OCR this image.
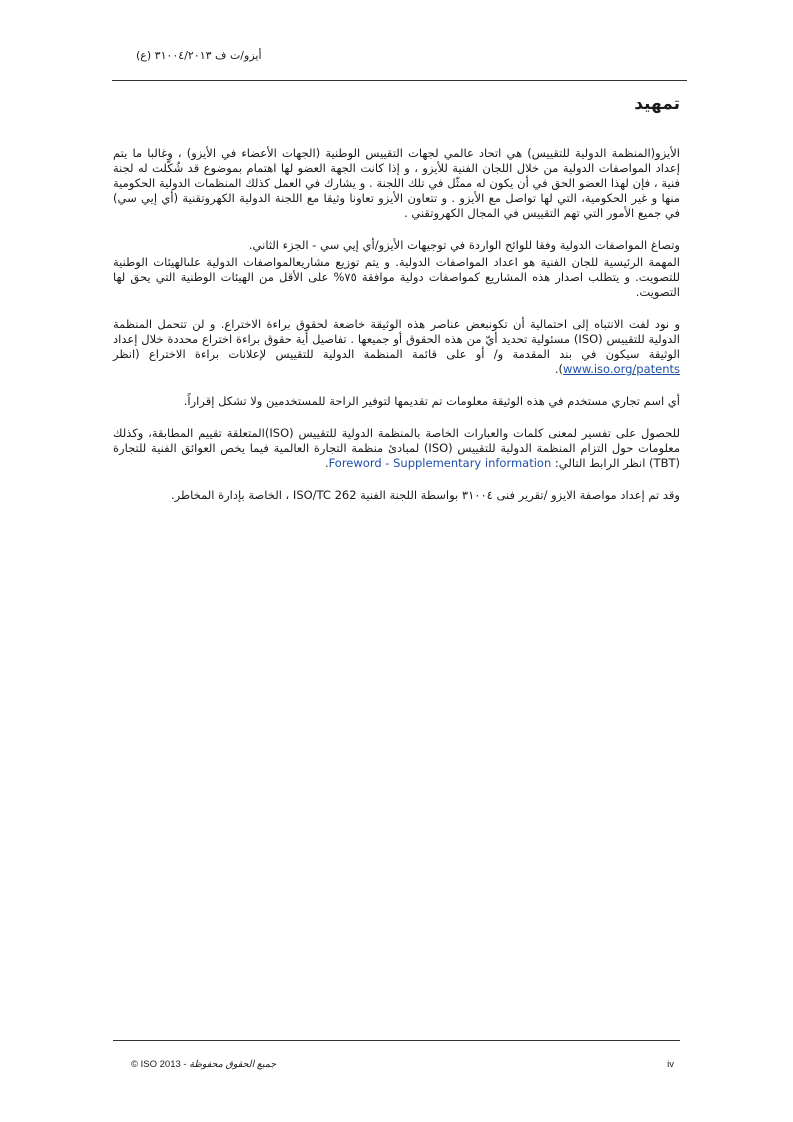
أيزو/ت ف ٣١٠٠٤/٢٠١٣ (ع)
تمهيد

الأيزو(المنظمة الدولية للتقييس) هي اتحاد عالمي لجهات التقييس الوطنية (الجهات الأعضاء في الأيزو) ، وغالبا ما يتم إعداد المواصفات الدولية من خلال اللجان الفنية للأيزو ، و إذا كانت الجهة العضو لها اهتمام بموضوع قد شُكّلت له لجنة فنية ، فإن لهذا العضو الحق في أن يكون له ممثّل في تلك اللجنة . و يشارك في العمل كذلك المنظمات الدولية الحكومية منها و غير الحكومية، التي لها تواصل مع الأيزو . و تتعاون الأيزو تعاونا وثيقا مع اللجنة الدولية الكهروتقنية (أي إيي سي) في جميع الأمور التي تهم التقييس في المجال الكهروتقني .

وتصاغ المواصفات الدولية وفقا للوائح الواردة في توجيهات الأيزو/أي إيي سي - الجزء الثاني.

المهمة الرئيسية للجان الفنية هو اعداد المواصفات الدولية. و يتم توزيع مشاريعالمواصفات الدولية علىالهيئات الوطنية للتصويت. و يتطلب اصدار هذه المشاريع كمواصفات دولية موافقة ٧٥% على الأقل من الهيئات الوطنية التي يحق لها التصويت.

و نود لفت الانتباه إلى احتمالية أن تكونبعض عناصر هذه الوثيقة خاضعة لحقوق براءة الاختراع. و لن تتحمل المنظمة الدولية للتقييس (ISO) مسئولية تحديد أيّ من هذه الحقوق أو جميعها . تفاصيل أية حقوق براءة اختراع محددة خلال إعداد الوثيقة سيكون في بند المقدمة و/ أو على قائمة المنظمة الدولية للتقييس لإعلانات براءة الاختراع (انظر www.iso.org/patents).

أي اسم تجاري مستخدم في هذه الوثيقة معلومات تم تقديمها لتوفير الراحة للمستخدمين ولا تشكل إقراراً.

للحصول على تفسير لمعنى كلمات والعبارات الخاصة بالمنظمة الدولية للتقييس (ISO)المتعلقة تقييم المطابقة، وكذلك معلومات حول التزام المنظمة الدولية للتقييس (ISO) لمبادئ منظمة التجارة العالمية فيما يخص العوائق الفنية للتجارة (TBT) انظر الرابط التالي: Foreword - Supplementary information.

وقد تم إعداد مواصفة الايزو /تقرير فنى ٣١٠٠٤ بواسطة اللجنة الفنية ISO/TC 262 ، الخاصة بإدارة المخاطر.

© ISO 2013 - جميع الحقوق محفوظة	iv
